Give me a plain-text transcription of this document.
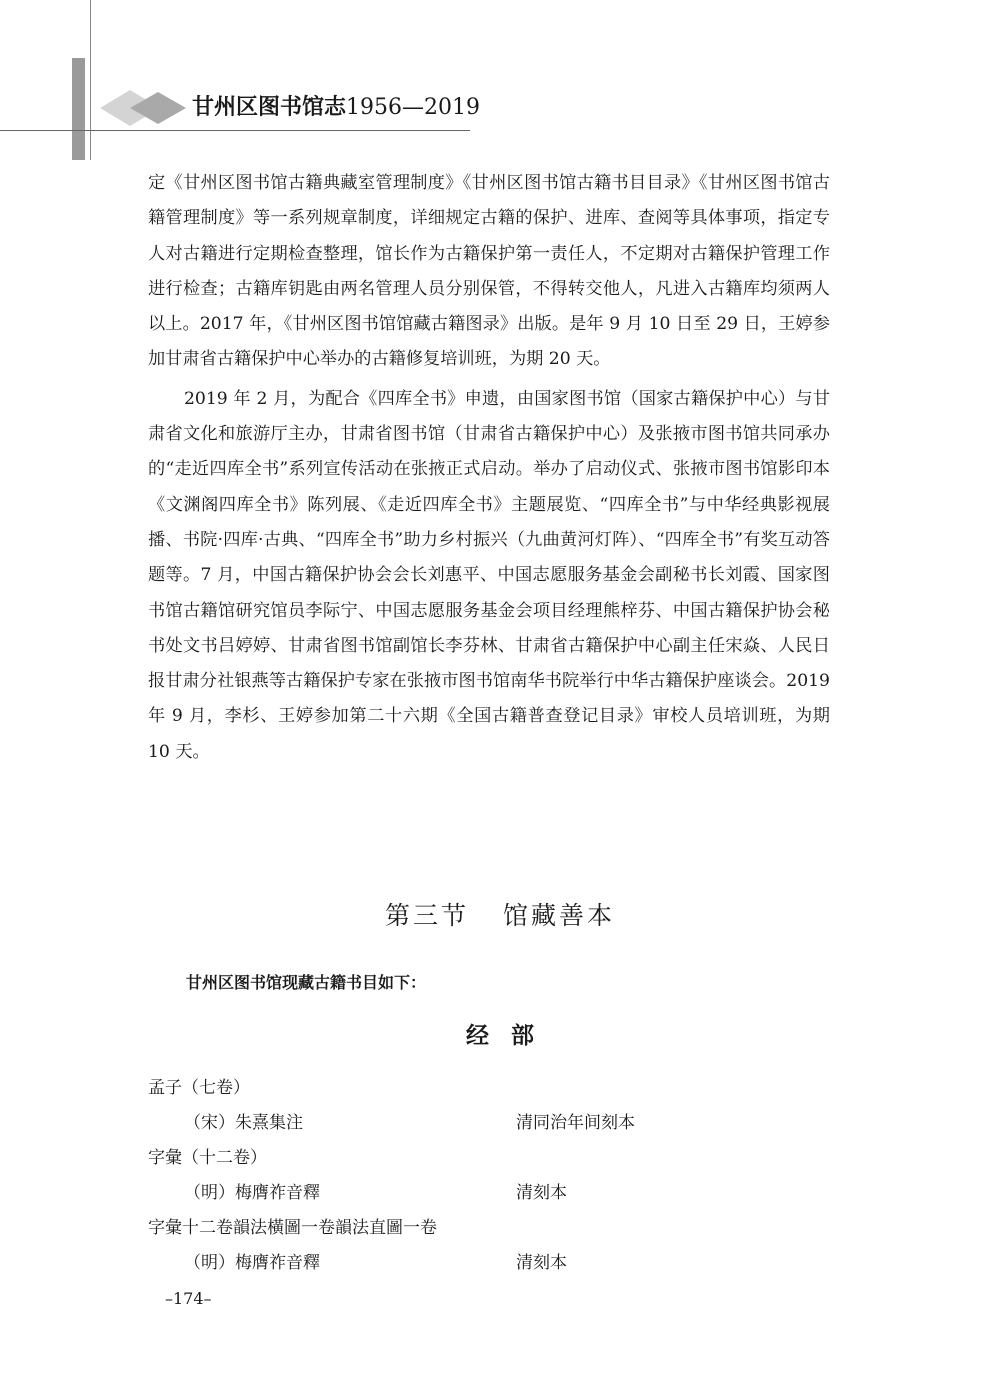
甘州区图书馆志1956—2019

定《甘州区图书馆古籍典藏室管理制度》《甘州区图书馆古籍书目目录》《甘州区图书馆古籍管理制度》等一系列规章制度，详细规定古籍的保护、进库、查阅等具体事项，指定专人对古籍进行定期检查整理，馆长作为古籍保护第一责任人，不定期对古籍保护管理工作进行检查；古籍库钥匙由两名管理人员分别保管，不得转交他人，凡进入古籍库均须两人以上。2017 年，《甘州区图书馆馆藏古籍图录》出版。是年 9 月 10 日至 29 日，王婷参加甘肃省古籍保护中心举办的古籍修复培训班，为期 20 天。

2019 年 2 月，为配合《四库全书》申遗，由国家图书馆（国家古籍保护中心）与甘肃省文化和旅游厅主办，甘肃省图书馆（甘肃省古籍保护中心）及张掖市图书馆共同承办的“走近四库全书”系列宣传活动在张掖正式启动。举办了启动仪式、张掖市图书馆影印本《文渊阁四库全书》陈列展、《走近四库全书》主题展览、“四库全书”与中华经典影视展播、书院·四库·古典、“四库全书”助力乡村振兴（九曲黄河灯阵）、“四库全书”有奖互动答题等。7 月，中国古籍保护协会会长刘惠平、中国志愿服务基金会副秘书长刘霞、国家图书馆古籍馆研究馆员李际宁、中国志愿服务基金会项目经理熊梓芬、中国古籍保护协会秘书处文书吕婷婷、甘肃省图书馆副馆长李芬林、甘肃省古籍保护中心副主任宋焱、人民日报甘肃分社银燕等古籍保护专家在张掖市图书馆南华书院举行中华古籍保护座谈会。2019 年 9 月，李杉、王婷参加第二十六期《全国古籍普查登记目录》审校人员培训班，为期 10 天。

第三节 馆藏善本
甘州区图书馆现藏古籍书目如下：
经 部
孟子（七卷）
（宋）朱熹集注	清同治年间刻本
字彙（十二卷）
（明）梅膺祚音釋	清刻本
字彙十二卷韻法橫圖一卷韻法直圖一卷
（明）梅膺祚音釋	清刻本
–174–
